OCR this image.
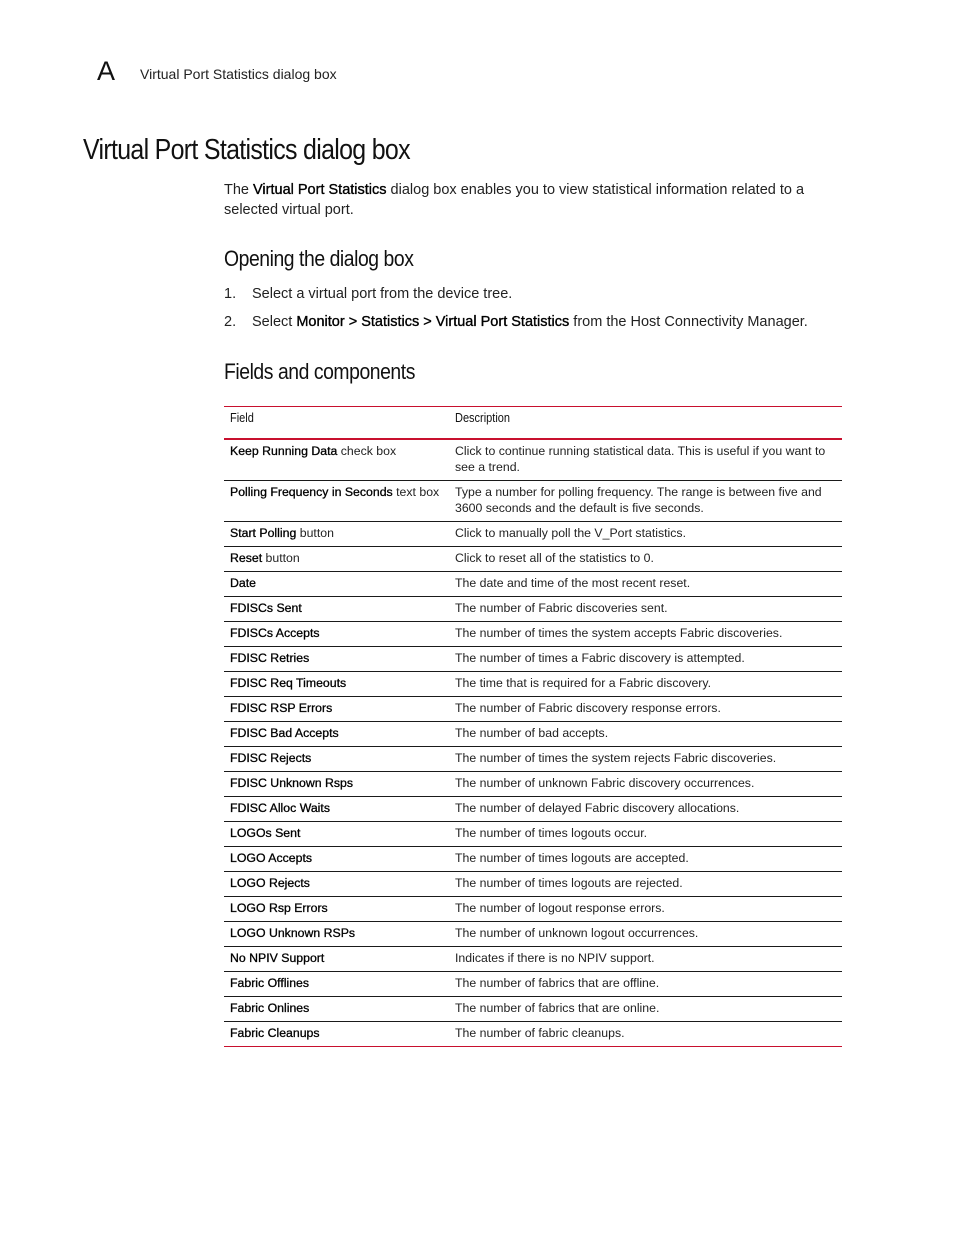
A Virtual Port Statistics dialog box
Virtual Port Statistics dialog box

The Virtual Port Statistics dialog box enables you to view statistical information related to a selected virtual port.

Opening the dialog box
1. Select a virtual port from the device tree.
2. Select Monitor > Statistics > Virtual Port Statistics from the Host Connectivity Manager.
Fields and components
Field	Description
Keep Running Data check box	Click to continue running statistical data. This is useful if you want to see a trend.
Polling Frequency in Seconds text box	Type a number for polling frequency. The range is between five and 3600 seconds and the default is five seconds.
Start Polling button	Click to manually poll the V_Port statistics.
Reset button	Click to reset all of the statistics to 0.
Date	The date and time of the most recent reset.
FDISCs Sent	The number of Fabric discoveries sent.
FDISCs Accepts	The number of times the system accepts Fabric discoveries.
FDISC Retries	The number of times a Fabric discovery is attempted.
FDISC Req Timeouts	The time that is required for a Fabric discovery.
FDISC RSP Errors	The number of Fabric discovery response errors.
FDISC Bad Accepts	The number of bad accepts.
FDISC Rejects	The number of times the system rejects Fabric discoveries.
FDISC Unknown Rsps	The number of unknown Fabric discovery occurrences.
FDISC Alloc Waits	The number of delayed Fabric discovery allocations.
LOGOs Sent	The number of times logouts occur.
LOGO Accepts	The number of times logouts are accepted.
LOGO Rejects	The number of times logouts are rejected.
LOGO Rsp Errors	The number of logout response errors.
LOGO Unknown RSPs	The number of unknown logout occurrences.
No NPIV Support	Indicates if there is no NPIV support.
Fabric Offlines	The number of fabrics that are offline.
Fabric Onlines	The number of fabrics that are online.
Fabric Cleanups	The number of fabric cleanups.
